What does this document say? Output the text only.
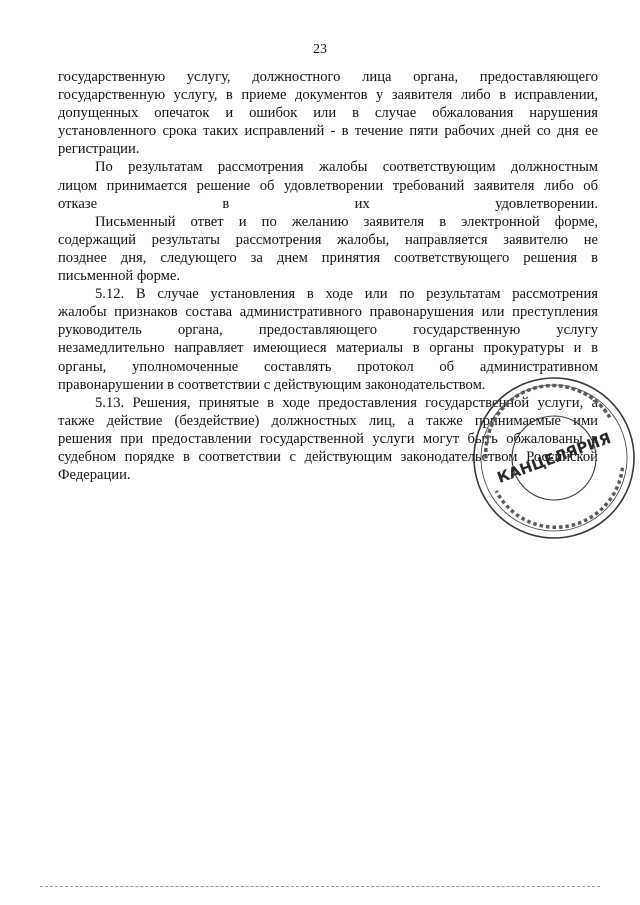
23

государственную услугу, должностного лица органа, предоставляющего

государственную услугу, в приеме документов у заявителя либо в исправлении,

допущенных опечаток и ошибок или в случае обжалования нарушения

установленного срока таких исправлений - в течение пяти рабочих дней со дня ее

регистрации.

По результатам рассмотрения жалобы соответствующим должностным

лицом принимается решение об удовлетворении требований заявителя либо об

отказе в их удовлетворении.

Письменный ответ и по желанию заявителя в электронной форме,

содержащий результаты рассмотрения жалобы, направляется заявителю не

позднее дня, следующего за днем принятия соответствующего решения в

письменной форме.

5.12. В случае установления в ходе или по результатам рассмотрения

жалобы признаков состава административного правонарушения или преступления

руководитель органа, предоставляющего государственную услугу

незамедлительно направляет имеющиеся материалы в органы прокуратуры и в

органы, уполномоченные составлять протокол об административном

правонарушении в соответствии с действующим законодательством.

5.13. Решения, принятые в ходе предоставления государственной услуги, а

также действие (бездействие) должностных лиц, а также принимаемые ими

решения при предоставлении государственной услуги могут быть обжалованы в

судебном порядке в соответствии с действующим законодательством Российской

Федерации.	КАНЦЕЛЯРИЯ
